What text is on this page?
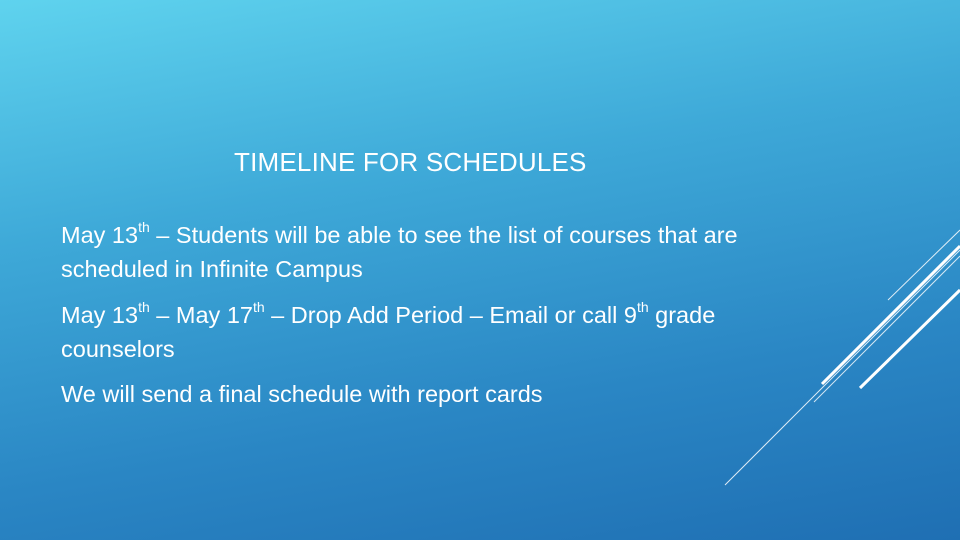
TIMELINE FOR SCHEDULES
May 13th – Students will be able to see the list of courses that are scheduled in Infinite Campus
May 13th – May 17th – Drop Add Period – Email or call 9th grade counselors
We will send a final schedule with report cards
